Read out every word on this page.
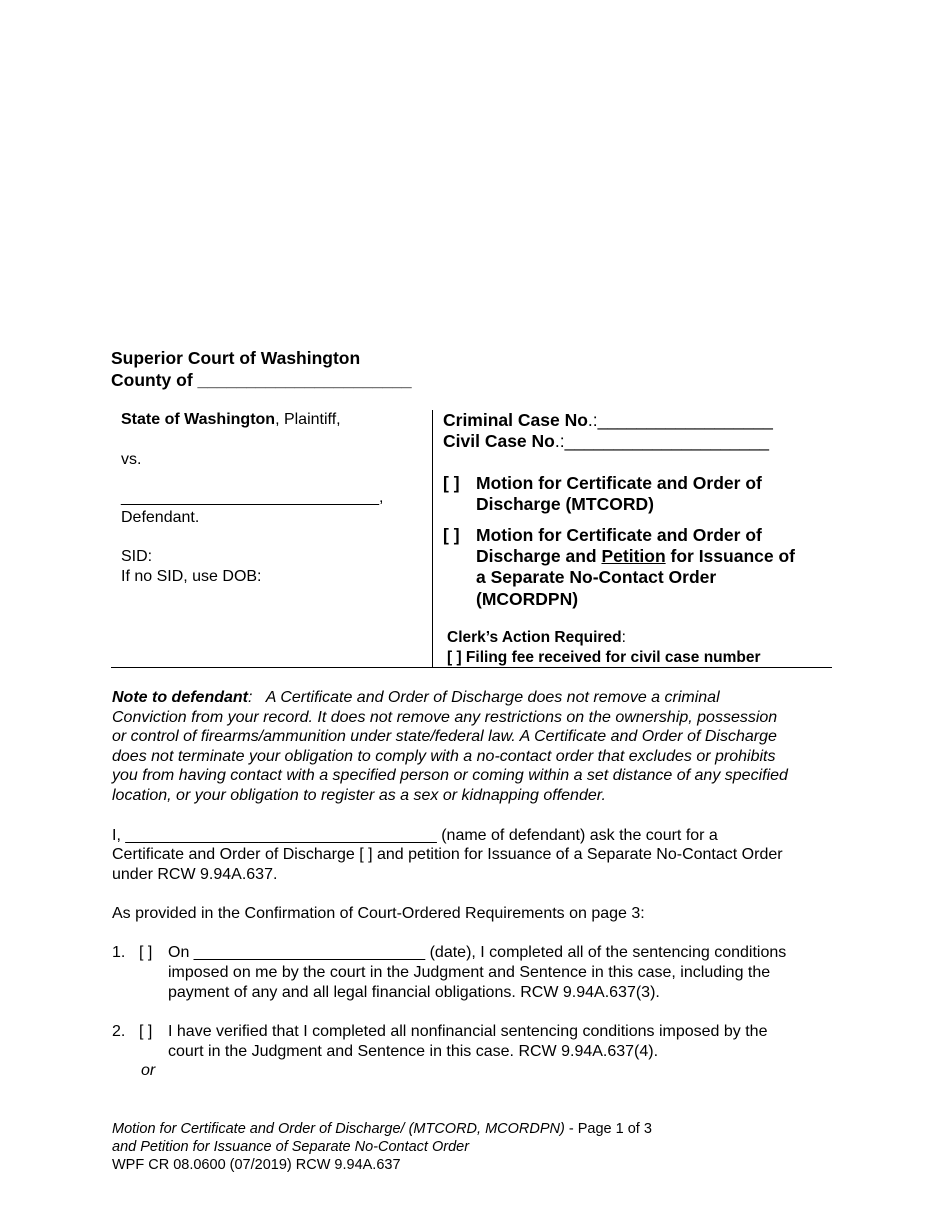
Superior Court of Washington
County of ______________________
State of Washington, Plaintiff,
vs.
_____________________________,
Defendant.
SID:
If no SID, use DOB:
Criminal Case No.:__________________
Civil Case No.:_____________________
[ ] Motion for Certificate and Order of
Discharge (MTCORD)
[ ] Motion for Certificate and Order of
Discharge and Petition for Issuance of
a Separate No-Contact Order
(MCORDPN)
Clerk’s Action Required:
[ ] Filing fee received for civil case number
Note to defendant: A Certificate and Order of Discharge does not remove a criminal
Conviction from your record. It does not remove any restrictions on the ownership, possession
or control of firearms/ammunition under state/federal law. A Certificate and Order of Discharge
does not terminate your obligation to comply with a no-contact order that excludes or prohibits
you from having contact with a specified person or coming within a set distance of any specified
location, or your obligation to register as a sex or kidnapping offender.
I, ___________________________________ (name of defendant) ask the court for a
Certificate and Order of Discharge [ ] and petition for Issuance of a Separate No-Contact Order
under RCW 9.94A.637.
As provided in the Confirmation of Court-Ordered Requirements on page 3:
1. [ ] On __________________________ (date), I completed all of the sentencing conditions
imposed on me by the court in the Judgment and Sentence in this case, including the
payment of any and all legal financial obligations. RCW 9.94A.637(3).
2. [ ] I have verified that I completed all nonfinancial sentencing conditions imposed by the
court in the Judgment and Sentence in this case. RCW 9.94A.637(4).
or
Motion for Certificate and Order of Discharge/ (MTCORD, MCORDPN) - Page 1 of 3
and Petition for Issuance of Separate No-Contact Order
WPF CR 08.0600 (07/2019) RCW 9.94A.637
